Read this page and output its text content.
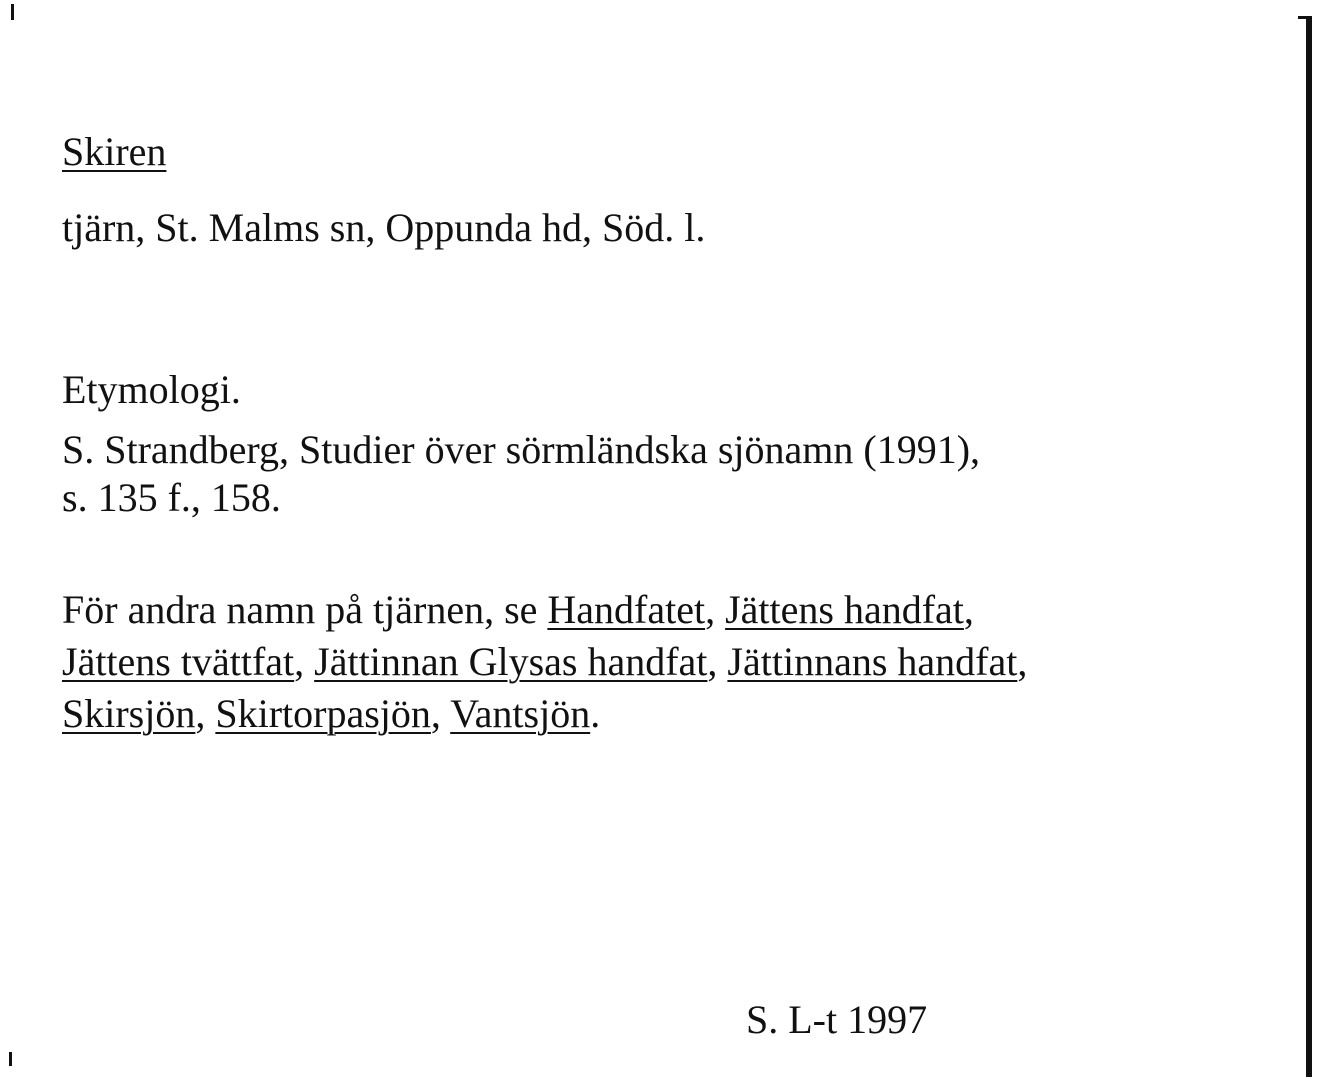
Skiren
tjärn, St. Malms sn, Oppunda hd, Söd. l.
Etymologi.
S. Strandberg, Studier över sörmländska sjönamn (1991),
s. 135 f., 158.
För andra namn på tjärnen, se Handfatet, Jättens handfat,
Jättens tvättfat, Jättinnan Glysas handfat, Jättinnans handfat,
Skirsjön, Skirtorpasjön, Vantsjön.
S. L-t 1997
